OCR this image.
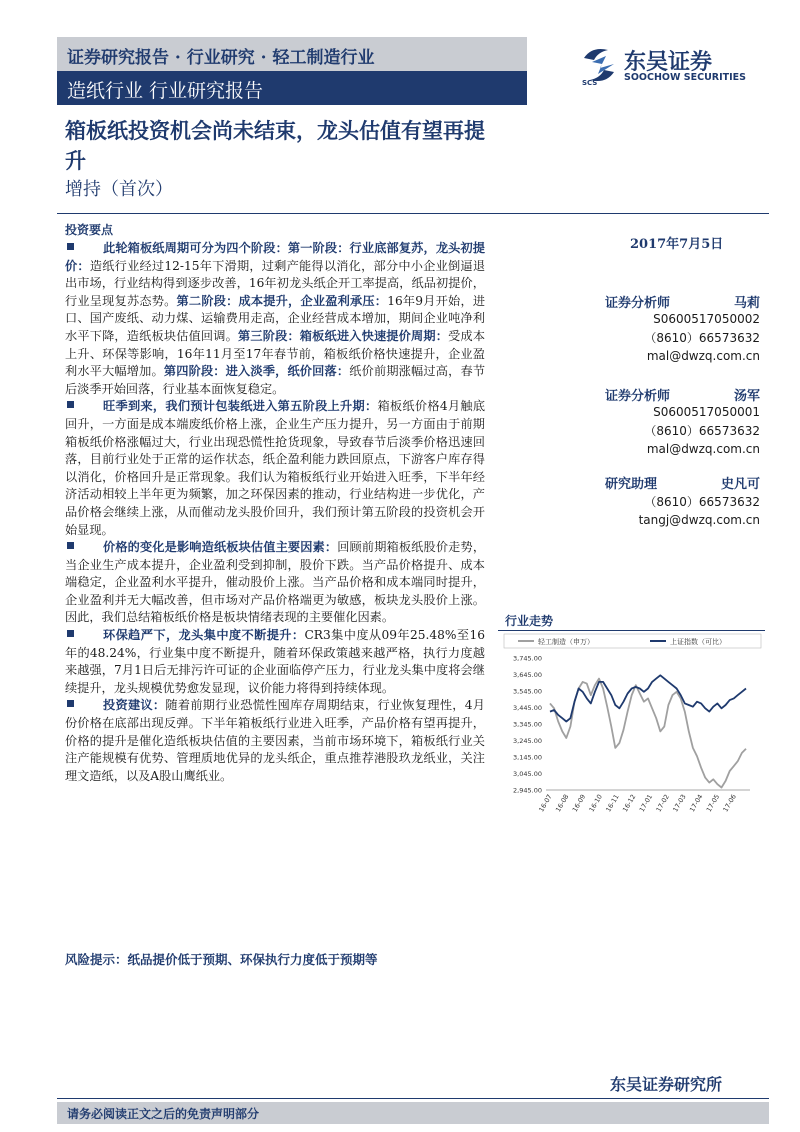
证券研究报告 · 行业研究 · 轻工制造行业
造纸行业 行业研究报告	SCS
东吴证券
SOOCHOW SECURITIES
箱板纸投资机会尚未结束，龙头估值有望再提升
增持（首次）
投资要点
此轮箱板纸周期可分为四个阶段：第一阶段：行业底部复苏，龙头初提价：造纸行业经过12-15年下滑期，过剩产能得以消化，部分中小企业倒逼退出市场，行业结构得到逐步改善，16年初龙头纸企开工率提高，纸品初提价，行业呈现复苏态势。第二阶段：成本提升，企业盈利承压：16年9月开始，进口、国产废纸、动力煤、运输费用走高，企业经营成本增加，期间企业吨净利水平下降，造纸板块估值回调。第三阶段：箱板纸进入快速提价周期：受成本上升、环保等影响，16年11月至17年春节前，箱板纸价格快速提升，企业盈利水平大幅增加。第四阶段：进入淡季，纸价回落：纸价前期涨幅过高，春节后淡季开始回落，行业基本面恢复稳定。
旺季到来，我们预计包装纸进入第五阶段上升期：箱板纸价格4月触底回升，一方面是成本端废纸价格上涨，企业生产压力提升，另一方面由于前期箱板纸价格涨幅过大，行业出现恐慌性抢货现象，导致春节后淡季价格迅速回落，目前行业处于正常的运作状态，纸企盈利能力跌回原点，下游客户库存得以消化，价格回升是正常现象。我们认为箱板纸行业开始进入旺季，下半年经济活动相较上半年更为频繁，加之环保因素的推动，行业结构进一步优化，产品价格会继续上涨，从而催动龙头股价回升，我们预计第五阶段的投资机会开始显现。
价格的变化是影响造纸板块估值主要因素：回顾前期箱板纸股价走势，当企业生产成本提升，企业盈利受到抑制，股价下跌。当产品价格提升、成本端稳定，企业盈利水平提升，催动股价上涨。当产品价格和成本端同时提升，企业盈利并无大幅改善，但市场对产品价格端更为敏感，板块龙头股价上涨。因此，我们总结箱板纸价格是板块情绪表现的主要催化因素。
环保趋严下，龙头集中度不断提升：CR3集中度从09年25.48%至16年的48.24%，行业集中度不断提升，随着环保政策越来越严格，执行力度越来越强，7月1日后无排污许可证的企业面临停产压力，行业龙头集中度将会继续提升，龙头规模优势愈发显现，议价能力将得到持续体现。
投资建议：随着前期行业恐慌性囤库存周期结束，行业恢复理性，4月份价格在底部出现反弹。下半年箱板纸行业进入旺季，产品价格有望再提升，价格的提升是催化造纸板块估值的主要因素，当前市场环境下，箱板纸行业关注产能规模有优势、管理质地优异的龙头纸企，重点推荐港股玖龙纸业，关注理文造纸，以及A股山鹰纸业。
2017年7月5日
证券分析师	马莉
S0600517050002
（8610）66573632
mal@dwzq.com.cn
证券分析师	汤军
S0600517050001
（8610）66573632
mal@dwzq.com.cn
研究助理	史凡可
（8610）66573632
tangj@dwzq.com.cn
行业走势
轻工制造（申万）	上证指数（可比）
3,745.00
3,645.00
3,545.00
3,445.00
3,345.00
3,245.00
3,145.00
3,045.00
2,945.00
16-07 16-08 16-09 16-10 16-11 16-12 17-01 17-02 17-03 17-04 17-05 17-06
风险提示：纸品提价低于预期、环保执行力度低于预期等
东吴证券研究所
请务必阅读正文之后的免责声明部分
